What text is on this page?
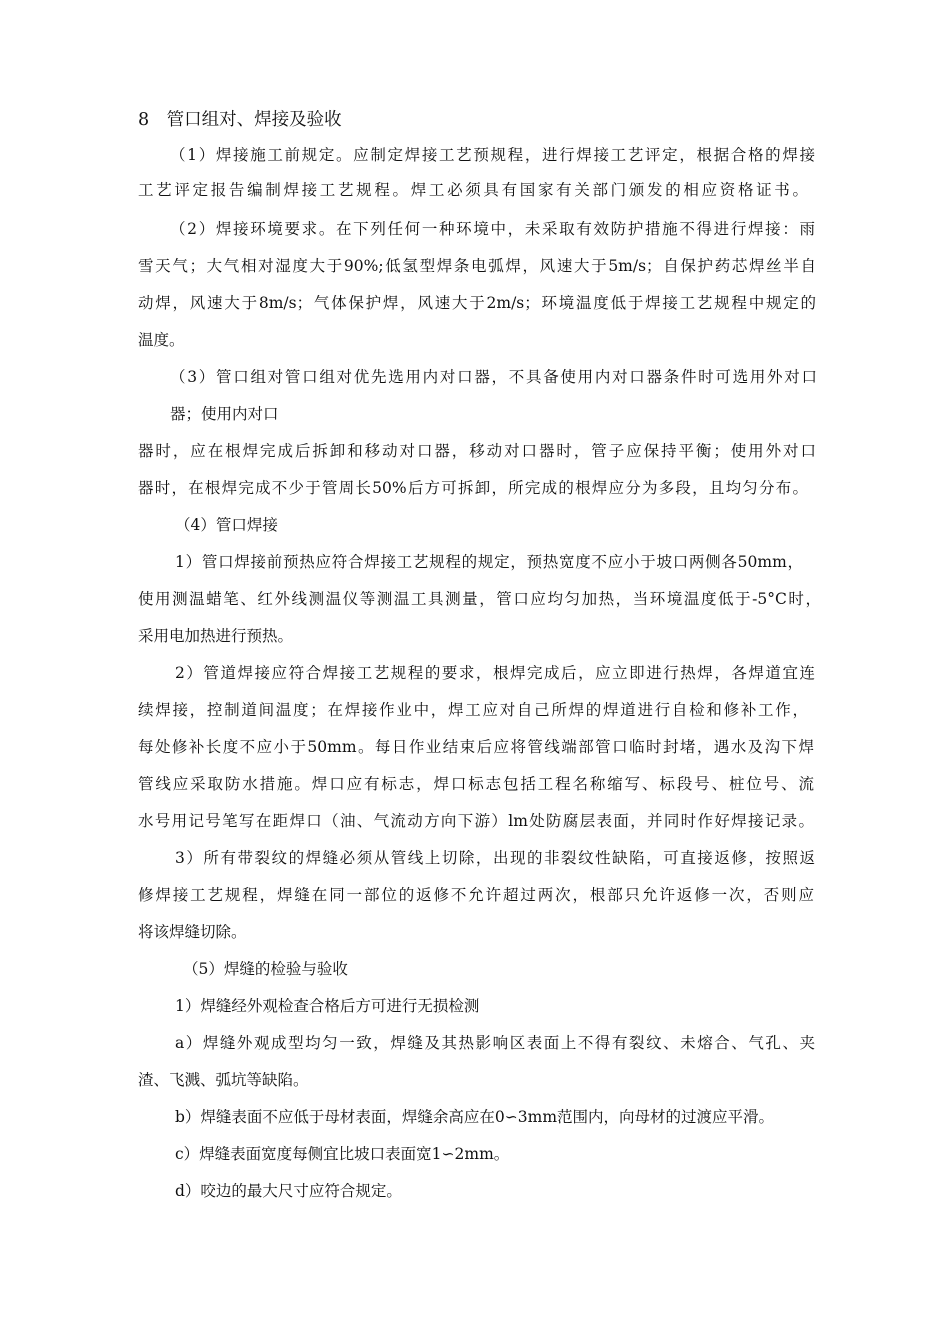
8　管口组对、焊接及验收
（1）焊接施工前规定。应制定焊接工艺预规程，进行焊接工艺评定，根据合格的焊接
工艺评定报告编制焊接工艺规程。焊工必须具有国家有关部门颁发的相应资格证书。
（2）焊接环境要求。在下列任何一种环境中，未采取有效防护措施不得进行焊接：雨
雪天气；大气相对湿度大于90%;低氢型焊条电弧焊，风速大于5m/s；自保护药芯焊丝半自
动焊，风速大于8m/s；气体保护焊，风速大于2m/s；环境温度低于焊接工艺规程中规定的
温度。
（3）管口组对管口组对优先选用内对口器，不具备使用内对口器条件时可选用外对口
器；使用内对口
器时，应在根焊完成后拆卸和移动对口器，移动对口器时，管子应保持平衡；使用外对口
器时，在根焊完成不少于管周长50%后方可拆卸，所完成的根焊应分为多段，且均匀分布。
（4）管口焊接
1）管口焊接前预热应符合焊接工艺规程的规定，预热宽度不应小于坡口两侧各50mm，
使用测温蜡笔、红外线测温仪等测温工具测量，管口应均匀加热，当环境温度低于-5°C时，
采用电加热进行预热。
2）管道焊接应符合焊接工艺规程的要求，根焊完成后，应立即进行热焊，各焊道宜连
续焊接，控制道间温度；在焊接作业中，焊工应对自己所焊的焊道进行自检和修补工作，
每处修补长度不应小于50mm。每日作业结束后应将管线端部管口临时封堵，遇水及沟下焊
管线应采取防水措施。焊口应有标志，焊口标志包括工程名称缩写、标段号、桩位号、流
水号用记号笔写在距焊口（油、气流动方向下游）lm处防腐层表面，并同时作好焊接记录。
3）所有带裂纹的焊缝必须从管线上切除，出现的非裂纹性缺陷，可直接返修，按照返
修焊接工艺规程，焊缝在同一部位的返修不允许超过两次，根部只允许返修一次，否则应
将该焊缝切除。
（5）焊缝的检验与验收
1）焊缝经外观检查合格后方可进行无损检测
a）焊缝外观成型均匀一致，焊缝及其热影响区表面上不得有裂纹、未熔合、气孔、夹
渣、飞溅、弧坑等缺陷。
b）焊缝表面不应低于母材表面，焊缝余高应在0∽3mm范围内，向母材的过渡应平滑。
c）焊缝表面宽度每侧宜比坡口表面宽1∽2mm。
d）咬边的最大尺寸应符合规定。
